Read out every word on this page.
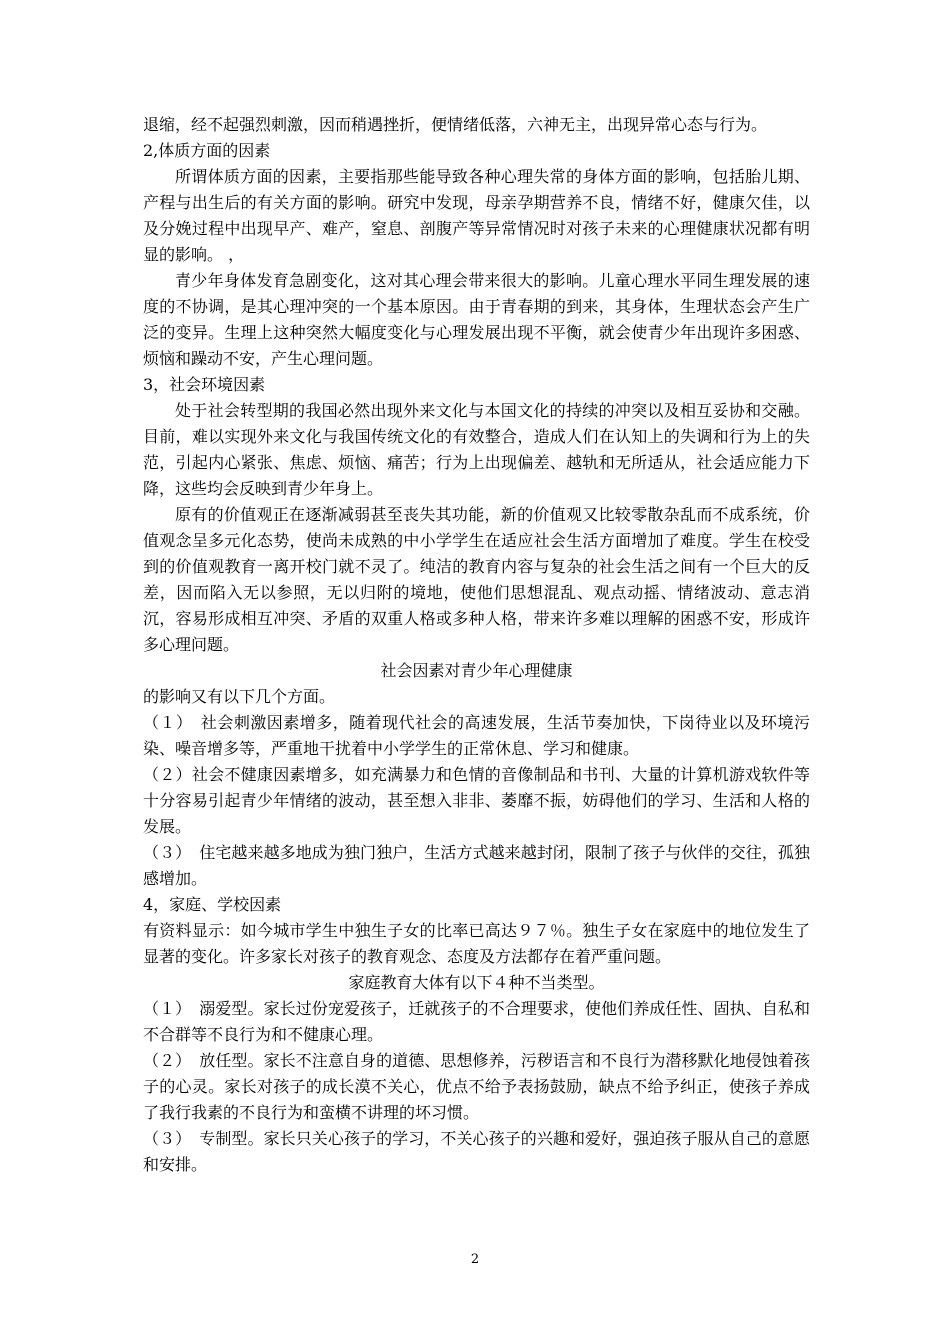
退缩，经不起强烈刺激，因而稍遇挫折，便情绪低落，六神无主，出现异常心态与行为。

2,体质方面的因素

所谓体质方面的因素，主要指那些能导致各种心理失常的身体方面的影响，包括胎儿期、产程与出生后的有关方面的影响。研究中发现，母亲孕期营养不良，情绪不好，健康欠佳，以及分娩过程中出现早产、难产，窒息、剖腹产等异常情况时对孩子未来的心理健康状况都有明显的影响。 ，

青少年身体发育急剧变化，这对其心理会带来很大的影响。儿童心理水平同生理发展的速度的不协调，是其心理冲突的一个基本原因。由于青春期的到来，其身体，生理状态会产生广泛的变异。生理上这种突然大幅度变化与心理发展出现不平衡，就会使青少年出现许多困惑、烦恼和躁动不安，产生心理问题。

3，社会环境因素

处于社会转型期的我国必然出现外来文化与本国文化的持续的冲突以及相互妥协和交融。目前，难以实现外来文化与我国传统文化的有效整合，造成人们在认知上的失调和行为上的失范，引起内心紧张、焦虑、烦恼、痛苦；行为上出现偏差、越轨和无所适从，社会适应能力下降，这些均会反映到青少年身上。

原有的价值观正在逐渐减弱甚至丧失其功能，新的价值观又比较零散杂乱而不成系统，价值观念呈多元化态势，使尚未成熟的中小学学生在适应社会生活方面增加了难度。学生在校受到的价值观教育一离开校门就不灵了。纯洁的教育内容与复杂的社会生活之间有一个巨大的反差，因而陷入无以参照，无以归附的境地，使他们思想混乱、观点动摇、情绪波动、意志消沉，容易形成相互冲突、矛盾的双重人格或多种人格，带来许多难以理解的困惑不安，形成许多心理问题。

社会因素对青少年心理健康

的影响又有以下几个方面。

（１）　社会刺激因素增多，随着现代社会的高速发展，生活节奏加快，下岗待业以及环境污染、噪音增多等，严重地干扰着中小学学生的正常休息、学习和健康。

（２）社会不健康因素增多，如充满暴力和色情的音像制品和书刊、大量的计算机游戏软件等十分容易引起青少年情绪的波动，甚至想入非非、萎靡不振，妨碍他们的学习、生活和人格的发展。

（３）　住宅越来越多地成为独门独户，生活方式越来越封闭，限制了孩子与伙伴的交往，孤独感增加。

4，家庭、学校因素

有资料显示：如今城市学生中独生子女的比率已高达９７％。独生子女在家庭中的地位发生了显著的变化。许多家长对孩子的教育观念、态度及方法都存在着严重问题。

家庭教育大体有以下４种不当类型。

（１）　溺爱型。家长过份宠爱孩子，迁就孩子的不合理要求，使他们养成任性、固执、自私和不合群等不良行为和不健康心理。

（２）　放任型。家长不注意自身的道德、思想修养，污秽语言和不良行为潜移默化地侵蚀着孩子的心灵。家长对孩子的成长漠不关心，优点不给予表扬鼓励，缺点不给予纠正，使孩子养成了我行我素的不良行为和蛮横不讲理的坏习惯。

（３）　专制型。家长只关心孩子的学习，不关心孩子的兴趣和爱好，强迫孩子服从自己的意愿和安排。

2
